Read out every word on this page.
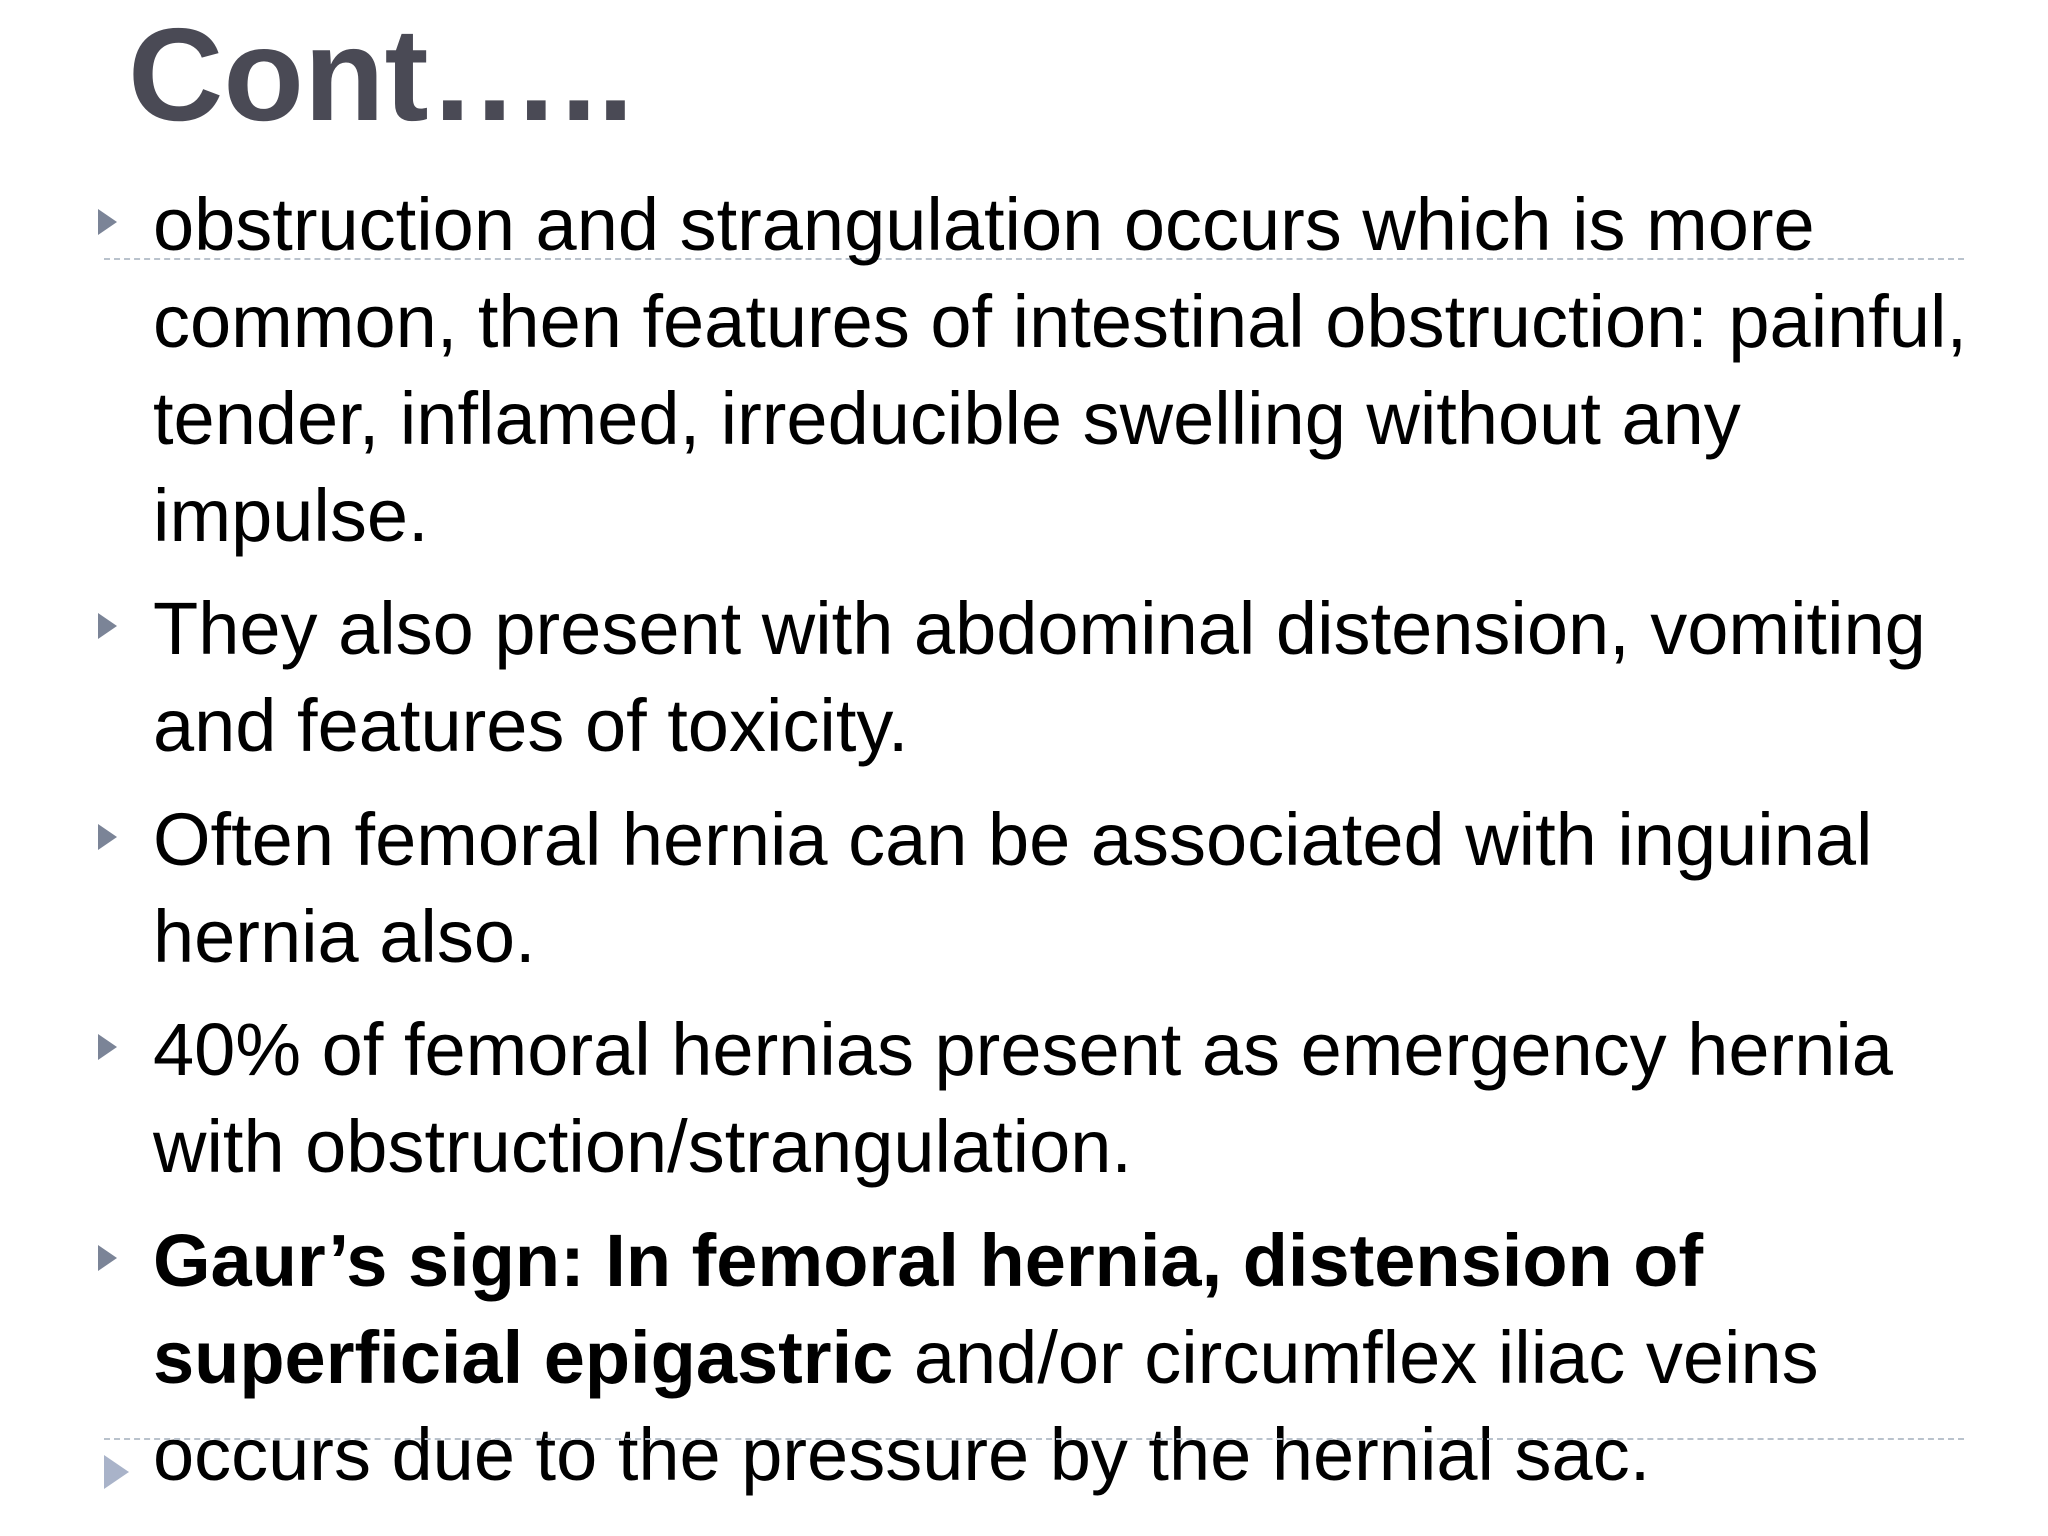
Cont…..

obstruction and strangulation occurs which is more common, then features of intestinal obstruction: painful, tender, inflamed, irreducible swelling without any impulse.

They also present with abdominal distension, vomiting and features of toxicity.

Often femoral hernia can be associated with inguinal hernia also.

40% of femoral hernias present as emergency hernia with obstruction/strangulation.

Gaur’s sign: In femoral hernia, distension of superficial epigastric and/or circumflex iliac veins occurs due to the pressure by the hernial sac.
